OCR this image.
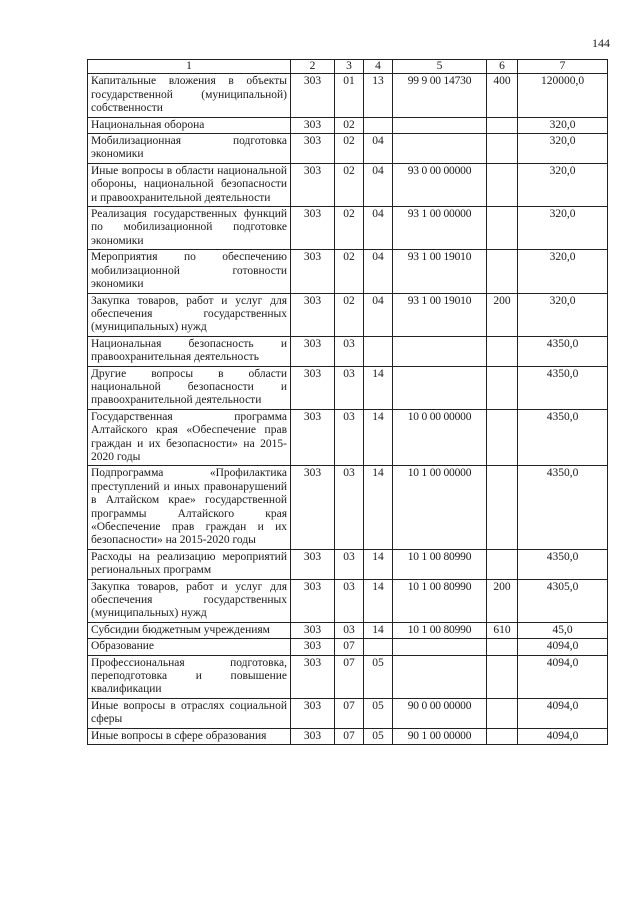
144
1	2	3	4	5	6	7
Капитальные вложения в объекты государственной (муниципальной) собственности	303	01	13	99 9 00 14730	400	120000,0
Национальная оборона	303	02				320,0
Мобилизационная подготовка экономики	303	02	04			320,0
Иные вопросы в области национальной обороны, национальной безопасности и правоохранительной деятельности	303	02	04	93 0 00 00000		320,0
Реализация государственных функций по мобилизационной подготовке экономики	303	02	04	93 1 00 00000		320,0
Мероприятия по обеспечению мобилизационной готовности экономики	303	02	04	93 1 00 19010		320,0
Закупка товаров, работ и услуг для обеспечения государственных (муниципальных) нужд	303	02	04	93 1 00 19010	200	320,0
Национальная безопасность и правоохранительная деятельность	303	03				4350,0
Другие вопросы в области национальной безопасности и правоохранительной деятельности	303	03	14			4350,0
Государственная программа Алтайского края «Обеспечение прав граждан и их безопасности» на 2015-2020 годы	303	03	14	10 0 00 00000		4350,0
Подпрограмма «Профилактика преступлений и иных правонарушений в Алтайском крае» государственной программы Алтайского края «Обеспечение прав граждан и их безопасности» на 2015-2020 годы	303	03	14	10 1 00 00000		4350,0
Расходы на реализацию мероприятий региональных программ	303	03	14	10 1 00 80990		4350,0
Закупка товаров, работ и услуг для обеспечения государственных (муниципальных) нужд	303	03	14	10 1 00 80990	200	4305,0
Субсидии бюджетным учреждениям	303	03	14	10 1 00 80990	610	45,0
Образование	303	07				4094,0
Профессиональная подготовка, переподготовка и повышение квалификации	303	07	05			4094,0
Иные вопросы в отраслях социальной сферы	303	07	05	90 0 00 00000		4094,0
Иные вопросы в сфере образования	303	07	05	90 1 00 00000		4094,0
